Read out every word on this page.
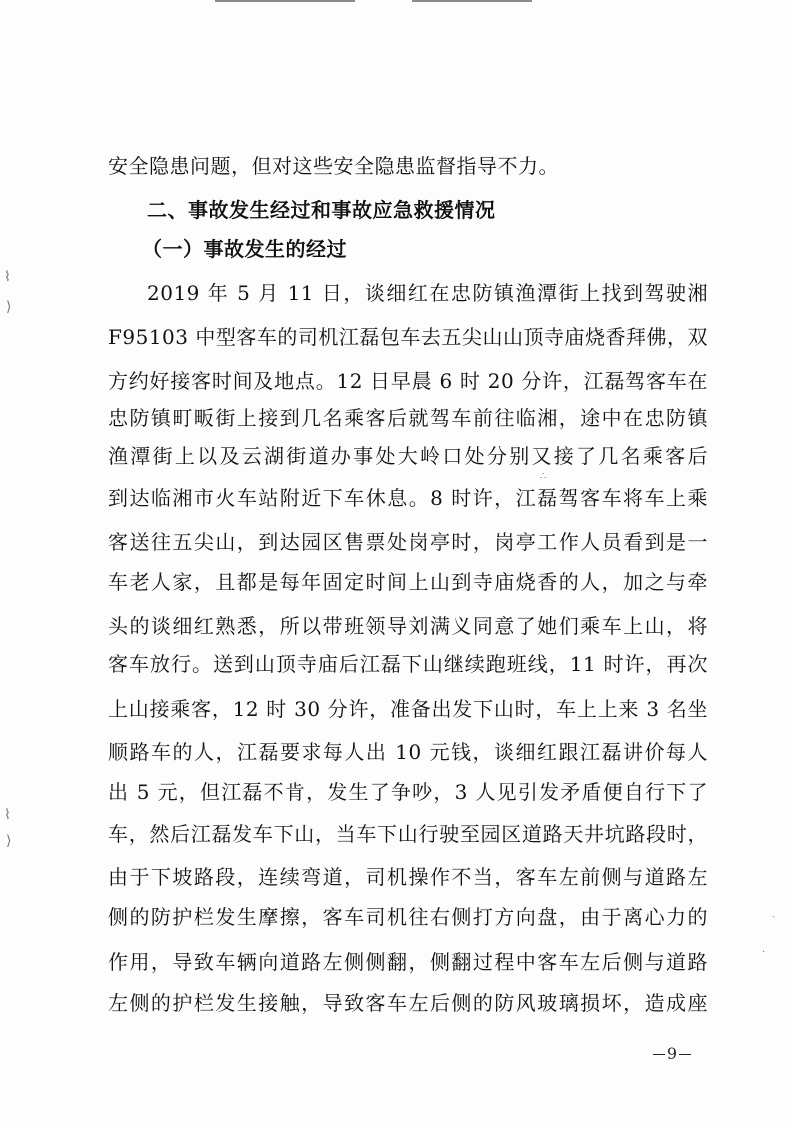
安全隐患问题，但对这些安全隐患监督指导不力。
二、事故发生经过和事故应急救援情况
（一）事故发生的经过
2019 年 5 月 11 日，谈细红在忠防镇渔潭街上找到驾驶湘
F95103 中型客车的司机江磊包车去五尖山山顶寺庙烧香拜佛，双
方约好接客时间及地点。12 日早晨 6 时 20 分许，江磊驾客车在
忠防镇町畈街上接到几名乘客后就驾车前往临湘，途中在忠防镇
渔潭街上以及云湖街道办事处大岭口处分别又接了几名乘客后
到达临湘市火车站附近下车休息。8 时许，江磊驾客车将车上乘
客送往五尖山，到达园区售票处岗亭时，岗亭工作人员看到是一
车老人家，且都是每年固定时间上山到寺庙烧香的人，加之与牵
头的谈细红熟悉，所以带班领导刘满义同意了她们乘车上山，将
客车放行。送到山顶寺庙后江磊下山继续跑班线，11 时许，再次
上山接乘客，12 时 30 分许，准备出发下山时，车上上来 3 名坐
顺路车的人，江磊要求每人出 10 元钱，谈细红跟江磊讲价每人
出 5 元，但江磊不肯，发生了争吵，3 人见引发矛盾便自行下了
车，然后江磊发车下山，当车下山行驶至园区道路天井坑路段时，
由于下坡路段，连续弯道，司机操作不当，客车左前侧与道路左
侧的防护栏发生摩擦，客车司机往右侧打方向盘，由于离心力的
作用，导致车辆向道路左侧侧翻，侧翻过程中客车左后侧与道路
左侧的护栏发生接触，导致客车左后侧的防风玻璃损坏，造成座
9
⌇
⟩
⌇
⟩
∴
ˎ
·
